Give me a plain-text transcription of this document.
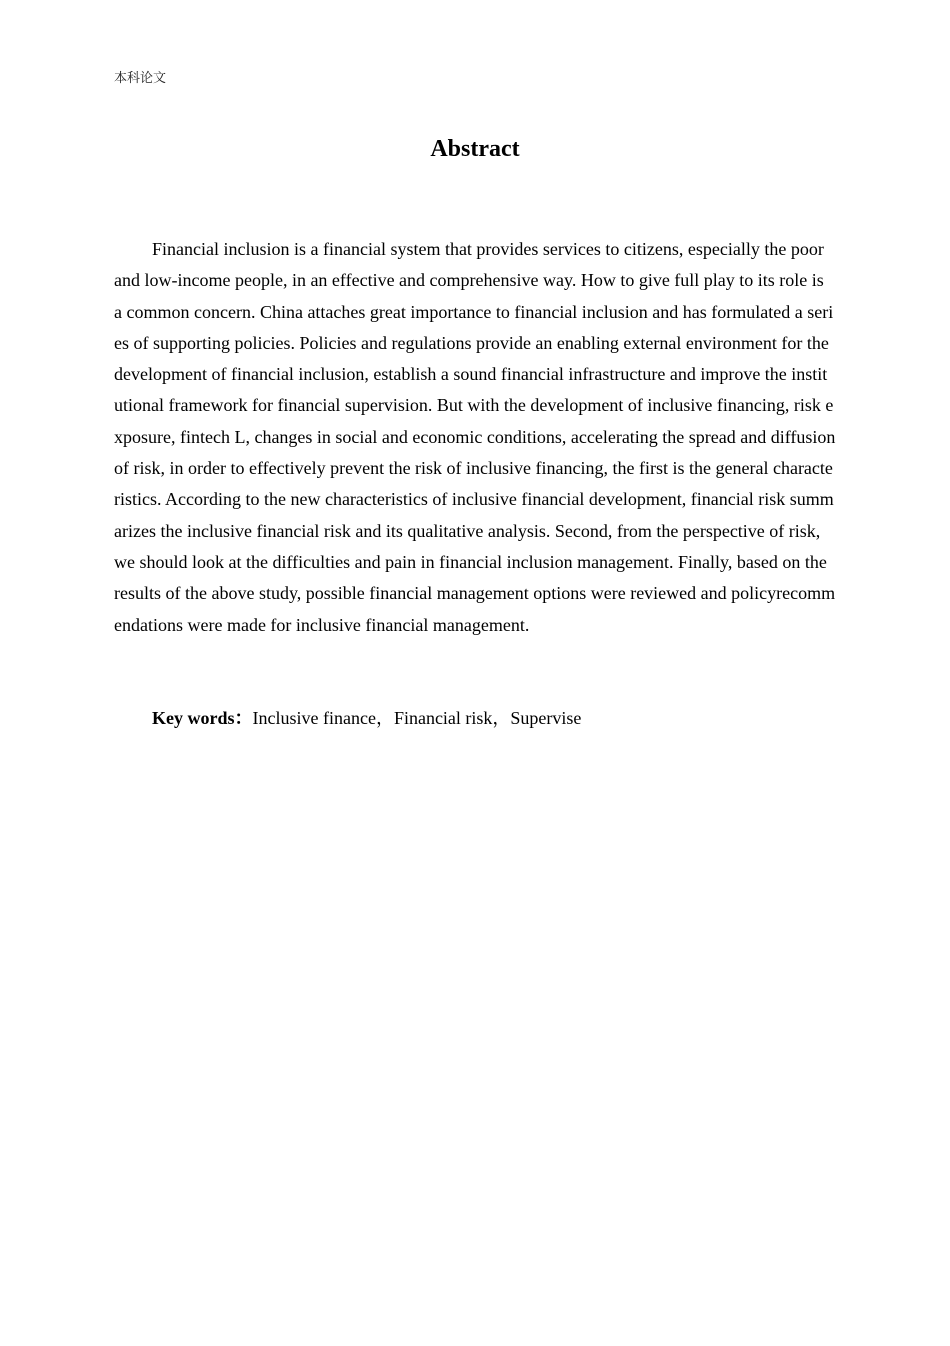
本科论文
Abstract

Financial inclusion is a financial system that provides services to citizens, especially the poor and low-income people, in an effective and comprehensive way. How to give full play to its role is a common concern. China attaches great importance to financial inclusion and has formulated a series of supporting policies. Policies and regulations provide an enabling external environment for the development of financial inclusion, establish a sound financial infrastructure and improve the institutional framework for financial supervision. But with the development of inclusive financing, risk exposure, fintech L, changes in social and economic conditions, accelerating the spread and diffusion of risk, in order to effectively prevent the risk of inclusive financing, the first is the general characteristics. According to the new characteristics of inclusive financial development, financial risk summarizes the inclusive financial risk and its qualitative analysis. Second, from the perspective of risk, we should look at the difficulties and pain in financial inclusion management. Finally, based on the results of the above study, possible financial management options were reviewed and policyrecommendations were made for inclusive financial management.

Key words：Inclusive finance，Financial risk，Supervise
